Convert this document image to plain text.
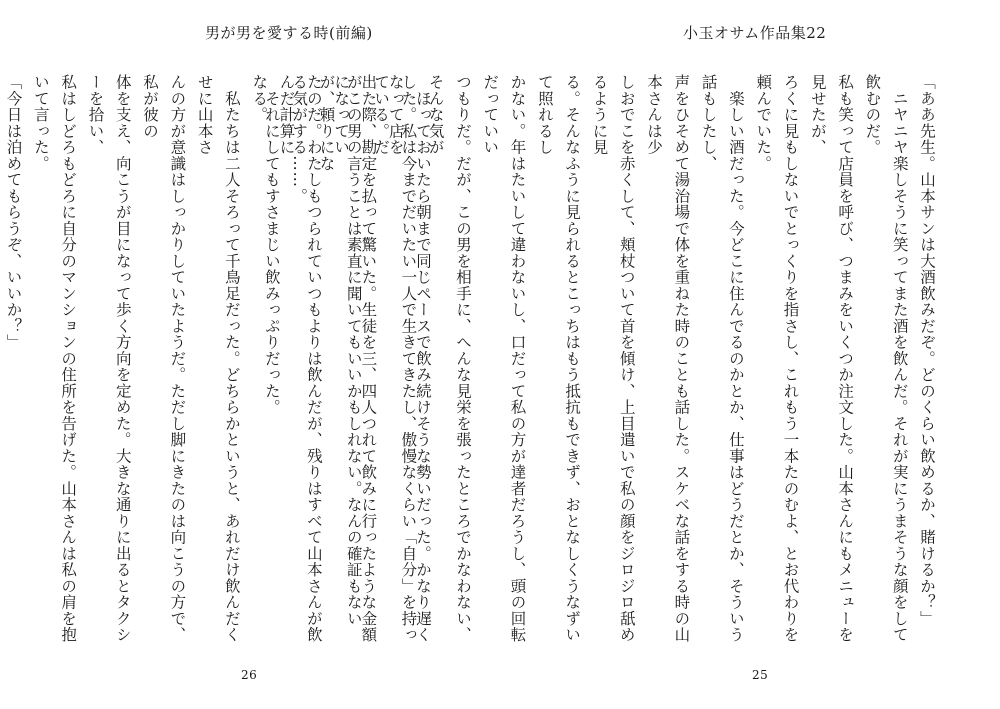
男が男を愛する時(前編)

　ほっておいたら朝まで同じペースで飲み続けそうな勢いだった。かなり遅くなって店を

出た際、勘定を払って驚いた。生徒を三、四人つれて飲みに行ったような金額になってい

たのだ。わたしもつられていつもよりは飲んだが、残りはすべて山本さんが飲んだ計算に

なる。

　私たちは二人そろって千鳥足だった。どちらかというと、あれだけ飲んだくせに山本さ

んの方が意識はしっかりしていたようだ。ただし脚にきたのは向こうの方で、私が彼の

体を支え、向こうが目になって歩く方向を定めた。大きな通りに出るとタクシーを拾い、

私はしどろもどろに自分のマンションの住所を告げた。山本さんは私の肩を抱いて言った。

「今日は泊めてもらうぞ、いいか？」

26
小玉オサム作品集22

「ああ先生。山本サンは大酒飲みだぞ。どのくらい飲めるか、賭けるか？」

　ニヤニヤ楽しそうに笑ってまた酒を飲んだ。それが実にうまそうな顔をして飲むのだ。

私も笑って店員を呼び、つまみをいくつか注文した。山本さんにもメニューを見せたが、

ろくに見もしないでとっくりを指さし、これもう一本たのむよ、とお代わりを頼んでいた。

　楽しい酒だった。今どこに住んでるのかとか、仕事はどうだとか、そういう話もしたし、

声をひそめて湯治場で体を重ねた時のことも話した。スケベな話をする時の山本さんは少

しおでこを赤くして、頬杖ついて首を傾け、上目遣いで私の顔をジロジロ舐めるように見

る。そんなふうに見られるとこっちはもう抵抗もできず、おとなしくうなずいて照れるし

かない。年はたいして違わないし、口だって私の方が達者だろうし、頭の回転だっていい

つもりだ。だが、この男を相手に、へんな見栄を張ったところでかなわない、そんな気が

した。私は今までだいたい一人で生きてきたし、傲慢なくらい「自分」を持っている。だ

がこの男の言うことは素直に聞いてもいいかもしれない。なんの確証もないが、頼りにな

る気がする……。

　それにしてもすさまじい飲みっぷりだった。

25
